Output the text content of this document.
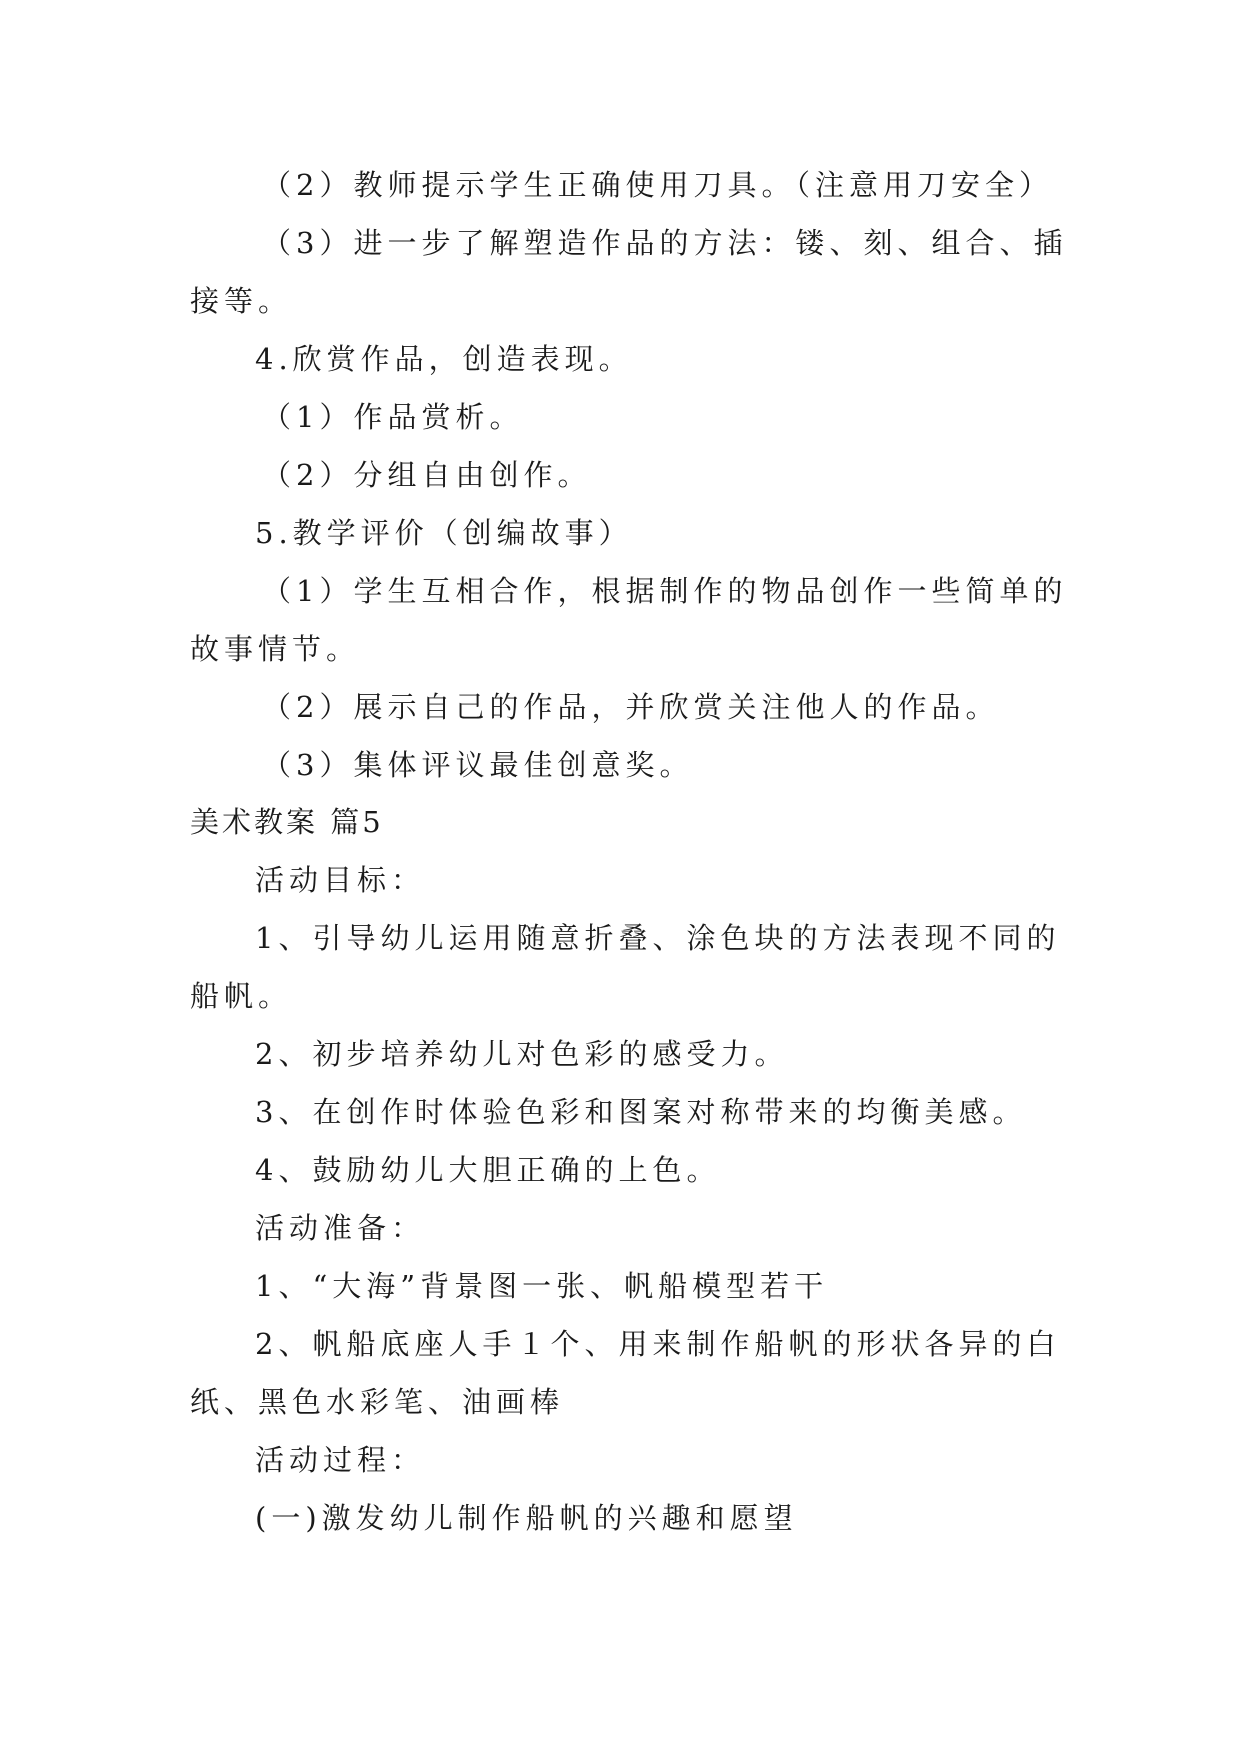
（2）教师提示学生正确使用刀具。（注意用刀安全）
（3）进一步了解塑造作品的方法：镂、刻、组合、插
接等。
4.欣赏作品，创造表现。
（1）作品赏析。
（2）分组自由创作。
5.教学评价（创编故事）
（1）学生互相合作，根据制作的物品创作一些简单的
故事情节。
（2）展示自己的作品，并欣赏关注他人的作品。
（3）集体评议最佳创意奖。
美术教案 篇5
活动目标：
1、引导幼儿运用随意折叠、涂色块的方法表现不同的
船帆。
2、初步培养幼儿对色彩的感受力。
3、在创作时体验色彩和图案对称带来的均衡美感。
4、鼓励幼儿大胆正确的上色。
活动准备：
1、“大海”背景图一张、帆船模型若干
2、帆船底座人手１个、用来制作船帆的形状各异的白
纸、黑色水彩笔、油画棒
活动过程：
(一)激发幼儿制作船帆的兴趣和愿望
